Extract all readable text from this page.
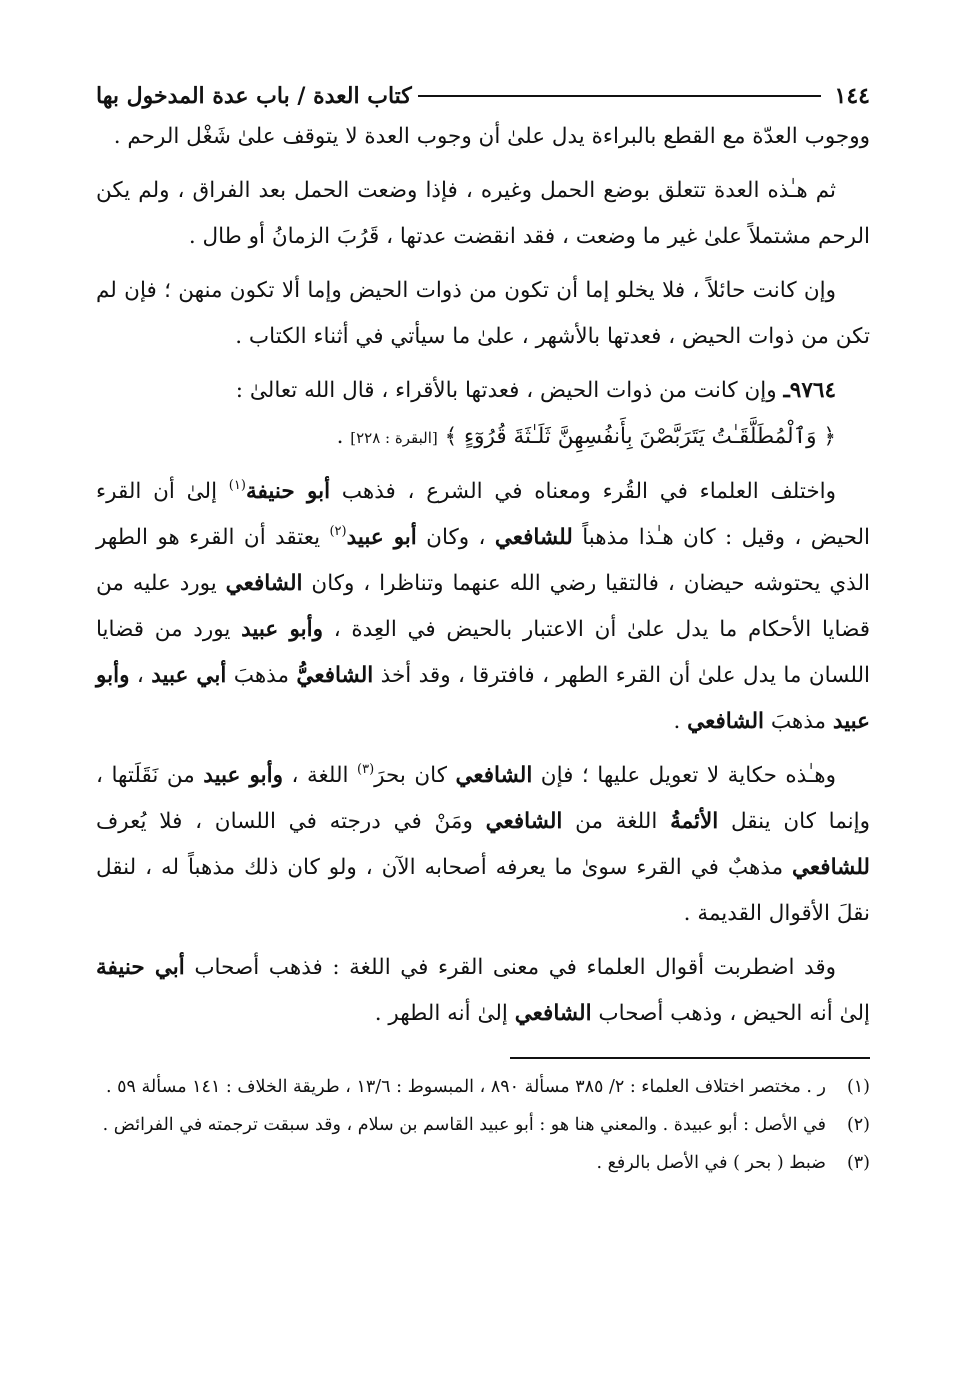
١٤٤
كتاب العدة / باب عدة المدخول بها

ووجوب العدّة مع القطع بالبراءة يدل علىٰ أن وجوب العدة لا يتوقف علىٰ شَغْل الرحم .

ثم هـٰذه العدة تتعلق بوضع الحمل وغيره ، فإذا وضعت الحمل بعد الفراق ، ولم يكن الرحم مشتملاً علىٰ غير ما وضعت ، فقد انقضت عدتها ، قَرُبَ الزمانُ أو طال .

وإن كانت حائلاً ، فلا يخلو إما أن تكون من ذوات الحيض وإما ألا تكون منهن ؛ فإن لم تكن من ذوات الحيض ، فعدتها بالأشهر ، علىٰ ما سيأتي في أثناء الكتاب .

٩٧٦٤ـ وإن كانت من ذوات الحيض ، فعدتها بالأقراء ، قال الله تعالىٰ :

﴿ وَٱلْمُطَلَّقَـٰتُ يَتَرَبَّصْنَ بِأَنفُسِهِنَّ ثَلَـٰثَةَ قُرُوٓءٍ ﴾ [البقرة : ٢٢٨] .

واختلف العلماء في القُرء ومعناه في الشرع ، فذهب أبو حنيفة$^{(١)}$ إلىٰ أن القرء الحيض ، وقيل : كان هـٰذا مذهباً للشافعي ، وكان أبو عبيد$^{(٢)}$ يعتقد أن القرء هو الطهر الذي يحتوشه حيضان ، فالتقيا رضي الله عنهما وتناظرا ، وكان الشافعي يورد عليه من قضايا الأحكام ما يدل علىٰ أن الاعتبار بالحيض في العِدة ، وأبو عبيد يورد من قضايا اللسان ما يدل علىٰ أن القرء الطهر ، فافترقا ، وقد أخذ الشافعيُّ مذهبَ أبي عبيد ، وأبو عبيد مذهبَ الشافعي .

وهـٰذه حكاية لا تعويل عليها ؛ فإن الشافعي كان بحرَ$^{(٣)}$ اللغة ، وأبو عبيد من نَقَلَتها ، وإنما كان ينقل الأئمةُ اللغة من الشافعي ومَنْ في درجته في اللسان ، فلا يُعرف للشافعي مذهبٌ في القرء سوىٰ ما يعرفه أصحابه الآن ، ولو كان ذلك مذهباً له ، لنقل نقلَ الأقوال القديمة .

وقد اضطربت أقوال العلماء في معنى القرء في اللغة : فذهب أصحاب أبي حنيفة إلىٰ أنه الحيض ، وذهب أصحاب الشافعي إلىٰ أنه الطهر .

(١)
ر . مختصر اختلاف العلماء : ٢/ ٣٨٥ مسألة ٨٩٠ ، المبسوط : ١٣/٦ ، طريقة الخلاف : ١٤١ مسألة ٥٩ .
(٢)
في الأصل : أبو عبيدة . والمعني هنا هو : أبو عبيد القاسم بن سلام ، وقد سبقت ترجمته في الفرائض .
(٣)
ضبط ( بحر ) في الأصل بالرفع .
